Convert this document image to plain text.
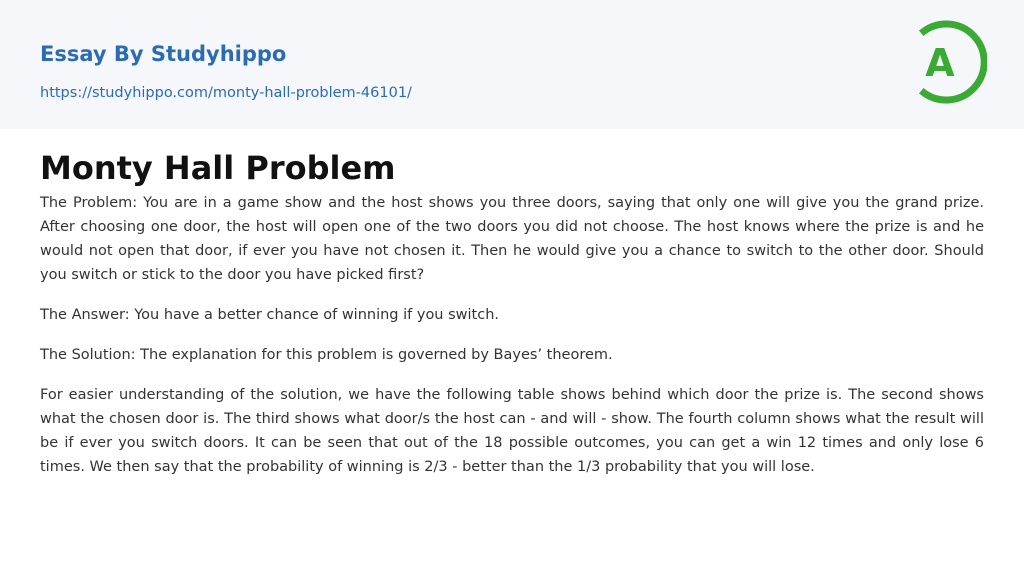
Essay By Studyhippo
https://studyhippo.com/monty-hall-problem-46101/
A
Monty Hall Problem

The Problem: You are in a game show and the host shows you three doors, saying that only one will give you the grand prize. After choosing one door, the host will open one of the two doors you did not choose. The host knows where the prize is and he would not open that door, if ever you have not chosen it. Then he would give you a chance to switch to the other door. Should you switch or stick to the door you have picked first?

The Answer: You have a better chance of winning if you switch.

The Solution: The explanation for this problem is governed by Bayes’ theorem.

For easier understanding of the solution, we have the following table shows behind which door the prize is. The second shows what the chosen door is. The third shows what door/s the host can - and will - show. The fourth column shows what the result will be if ever you switch doors. It can be seen that out of the 18 possible outcomes, you can get a win 12 times and only lose 6 times. We then say that the probability of winning is 2/3 - better than the 1/3 probability that you will lose.
